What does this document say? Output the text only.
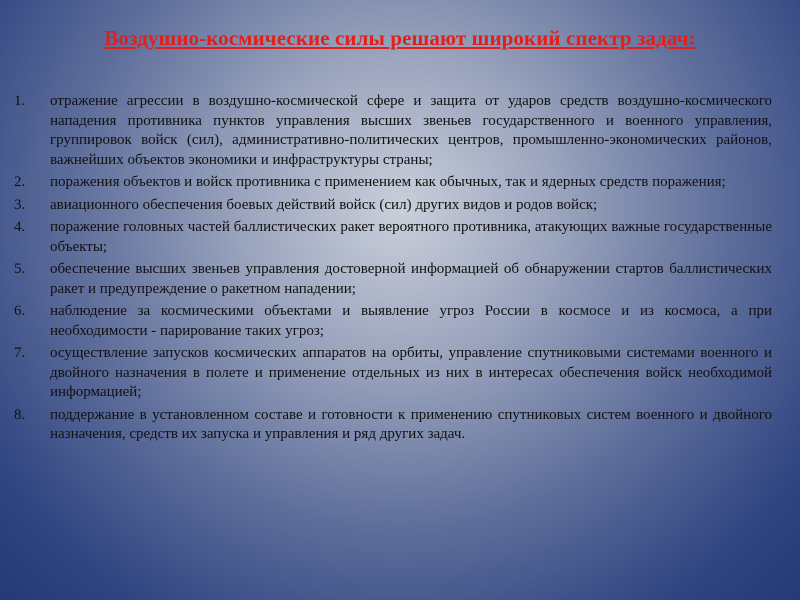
Воздушно-космические силы решают широкий спектр задач:
1.	отражение агрессии в воздушно-космической сфере и защита от ударов средств воздушно-космического нападения противника пунктов управления высших звеньев государственного и военного управления, группировок войск (сил), административно-политических центров, промышленно-экономических районов, важнейших объектов экономики и инфраструктуры страны;
2.	поражения объектов и войск противника с применением как обычных, так и ядерных средств поражения;
3.	авиационного обеспечения боевых действий войск (сил) других видов и родов войск;
4.	поражение головных частей баллистических ракет вероятного противника, атакующих важные государственные объекты;
5.	обеспечение высших звеньев управления достоверной информацией об обнаружении стартов баллистических ракет и предупреждение о ракетном нападении;
6.	наблюдение за космическими объектами и выявление угроз России в космосе и из космоса, а при необходимости - парирование таких угроз;
7.	осуществление запусков космических аппаратов на орбиты, управление спутниковыми системами военного и двойного назначения в полете и применение отдельных из них в интересах обеспечения войск необходимой информацией;
8.	поддержание в установленном составе и готовности к применению спутниковых систем военного и двойного назначения, средств их запуска и управления и ряд других задач.
